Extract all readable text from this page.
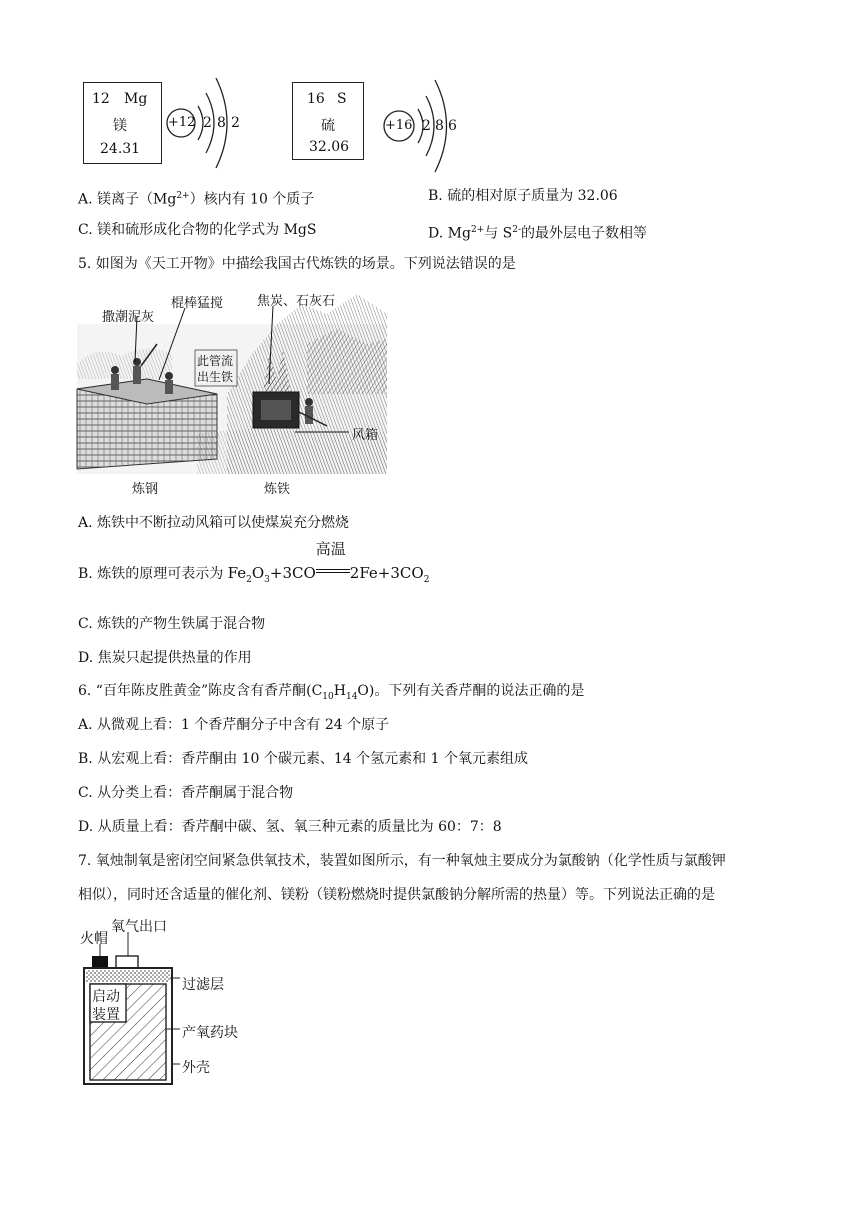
12 Mg
镁
24.31
+12 2 8 2
16 S
硫
32.06
+16 2 8 6
A. 镁离子$(Mg^{2+})$核内有 10 个质子	B. 硫的相对原子质量为 32.06
C. 镁和硫形成化合物的化学式为 MgS	D. $Mg^{2+}$与 $S^{2-}$的最外层电子数相等
5. 如图为《天工开物》中描绘我国古代炼铁的场景。下列说法错误的是
撒潮泥灰
棍棒猛搅	焦炭、石灰石
此管流
出生铁
风箱
炼钢	炼铁
A. 炼铁中不断拉动风箱可以使煤炭充分燃烧
B. 炼铁的原理可表示为 $Fe_2O_3+3CO$
高温
$2Fe+3CO_2$
C. 炼铁的产物生铁属于混合物
D. 焦炭只起提供热量的作用
6. “百年陈皮胜黄金”陈皮含有香芹酮$(C_{10}H_{14}O)$。下列有关香芹酮的说法正确的是
A. 从微观上看：1 个香芹酮分子中含有 24 个原子
B. 从宏观上看：香芹酮由 10 个碳元素、14 个氢元素和 1 个氧元素组成
C. 从分类上看：香芹酮属于混合物
D. 从质量上看：香芹酮中碳、氢、氧三种元素的质量比为 60：7：8
7. 氧烛制氧是密闭空间紧急供氧技术，装置如图所示，有一种氧烛主要成分为氯酸钠（化学性质与氯酸钾
相似），同时还含适量的催化剂、镁粉（镁粉燃烧时提供氯酸钠分解所需的热量）等。下列说法正确的是
火帽
氧气出口
过滤层
启动
装置
产氧药块
外壳
